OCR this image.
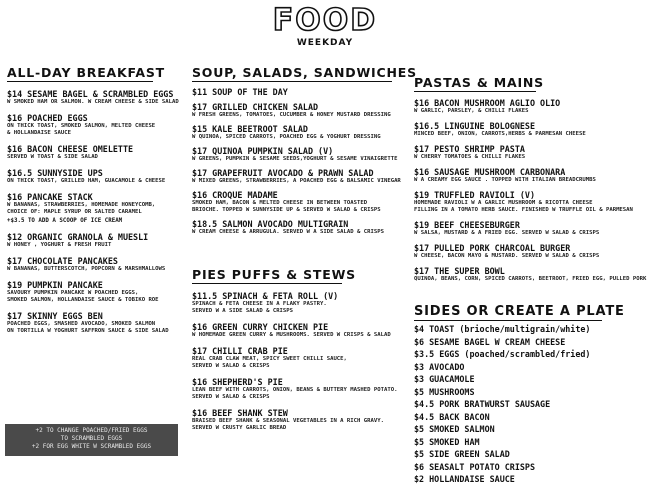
FOOD
WEEKDAY
ALL-DAY BREAKFAST
$14 SESAME BAGEL & SCRAMBLED EGGS
W SMOKED HAM OR SALMON. W CREAM CHEESE & SIDE SALAD
$16 POACHED EGGS
ON THICK TOAST, SMOKED SALMON, MELTED CHEESE
& HOLLANDAISE SAUCE
$16 BACON CHEESE OMELETTE
SERVED W TOAST & SIDE SALAD
$16.5 SUNNYSIDE UPS
ON THICK TOAST, GRILLED HAM, GUACAMOLE & CHEESE
$16 PANCAKE STACK
W BANANAS, STRAWBERRIES, HOMEMADE HONEYCOMB,
CHOICE OF: MAPLE SYRUP OR SALTED CARAMEL
+$3.5 TO ADD A SCOOP OF ICE CREAM
$12 ORGANIC GRANOLA & MUESLI
W HONEY , YOGHURT & FRESH FRUIT
$17 CHOCOLATE PANCAKES
W BANANAS, BUTTERSCOTCH, POPCORN & MARSHMALLOWS
$19 PUMPKIN PANCAKE
SAVOURY PUMPKIN PANCAKE W POACHED EGGS,
SMOKED SALMON, HOLLANDAISE SAUCE & TOBIKO ROE
$17 SKINNY EGGS BEN
POACHED EGGS, SMASHED AVOCADO, SMOKED SALMON
ON TORTILLA W YOGHURT SAFFRON SAUCE & SIDE SALAD
+2 TO CHANGE POACHED/FRIED EGGS
TO SCRAMBLED EGGS
+2 FOR EGG WHITE W SCRAMBLED EGGS
SOUP, SALADS, SANDWICHES
$11 SOUP OF THE DAY
$17 GRILLED CHICKEN SALAD
W FRESH GREENS, TOMATOES, CUCUMBER & HONEY MUSTARD DRESSING
$15 KALE BEETROOT SALAD
W QUINOA, SPICED CARROTS, POACHED EGG & YOGHURT DRESSING
$17 QUINOA PUMPKIN SALAD (V)
W GREENS, PUMPKIN & SESAME SEEDS,YOGHURT & SESAME VINAIGRETTE
$17 GRAPEFRUIT AVOCADO & PRAWN SALAD
W MIXED GREENS, STRAWBERRIES, A POACHED EGG & BALSAMIC VINEGAR
$16 CROQUE MADAME
SMOKED HAM, BACON & MELTED CHEESE IN BETWEEN TOASTED
BRIOCHE. TOPPED W SUNNYSIDE UP & SERVED W SALAD & CRISPS
$18.5 SALMON AVOCADO MULTIGRAIN
W CREAM CHEESE & ARRUGULA. SERVED W A SIDE SALAD & CRISPS
PIES PUFFS & STEWS
$11.5 SPINACH & FETA ROLL (V)
SPINACH & FETA CHEESE IN A FLAKY PASTRY.
SERVED W A SIDE SALAD & CRISPS
$16 GREEN CURRY CHICKEN PIE
W HOMEMADE GREEN CURRY & MUSHROOMS. SERVED W CRISPS & SALAD
$17 CHILLI CRAB PIE
REAL CRAB CLAW MEAT, SPICY SWEET CHILLI SAUCE,
SERVED W SALAD & CRISPS
$16 SHEPHERD'S PIE
LEAN BEEF WITH CARROTS, ONION, BEANS & BUTTERY MASHED POTATO.
SERVED W SALAD & CRISPS
$16 BEEF SHANK STEW
BRAISED BEEF SHANK & SEASONAL VEGETABLES IN A RICH GRAVY.
SERVED W CRUSTY GARLIC BREAD
PASTAS & MAINS
$16 BACON MUSHROOM AGLIO OLIO
W GARLIC, PARSLEY, & CHILLI FLAKES
$16.5 LINGUINE BOLOGNESE
MINCED BEEF, ONION, CARROTS,HERBS & PARMESAN CHEESE
$17 PESTO SHRIMP PASTA
W CHERRY TOMATOES & CHILLI FLAKES
$16 SAUSAGE MUSHROOM CARBONARA
W A CREAMY EGG SAUCE . TOPPED WITH ITALIAN BREADCRUMBS
$19 TRUFFLED RAVIOLI (V)
HOMEMADE RAVIOLI W A GARLIC MUSHROOM & RICOTTA CHEESE
FILLING IN A TOMATO HERB SAUCE. FINISHED W TRUFFLE OIL & PARMESAN
$19 BEEF CHEESEBURGER
W SALSA, MUSTARD & A FRIED EGG. SERVED W SALAD & CRISPS
$17 PULLED PORK CHARCOAL BURGER
W CHEESE, BACON MAYO & MUSTARD. SERVED W SALAD & CRISPS
$17 THE SUPER BOWL
QUINOA, BEANS, CORN, SPICED CARROTS, BEETROOT, FRIED EGG, PULLED PORK
SIDES OR CREATE A PLATE
$4 TOAST (brioche/multigrain/white)
$6 SESAME BAGEL W CREAM CHEESE
$3.5 EGGS (poached/scrambled/fried)
$3 AVOCADO
$3 GUACAMOLE
$5 MUSHROOMS
$4.5 PORK BRATWURST SAUSAGE
$4.5 BACK BACON
$5 SMOKED SALMON
$5 SMOKED HAM
$5 SIDE GREEN SALAD
$6 SEASALT POTATO CRISPS
$2 HOLLANDAISE SAUCE
